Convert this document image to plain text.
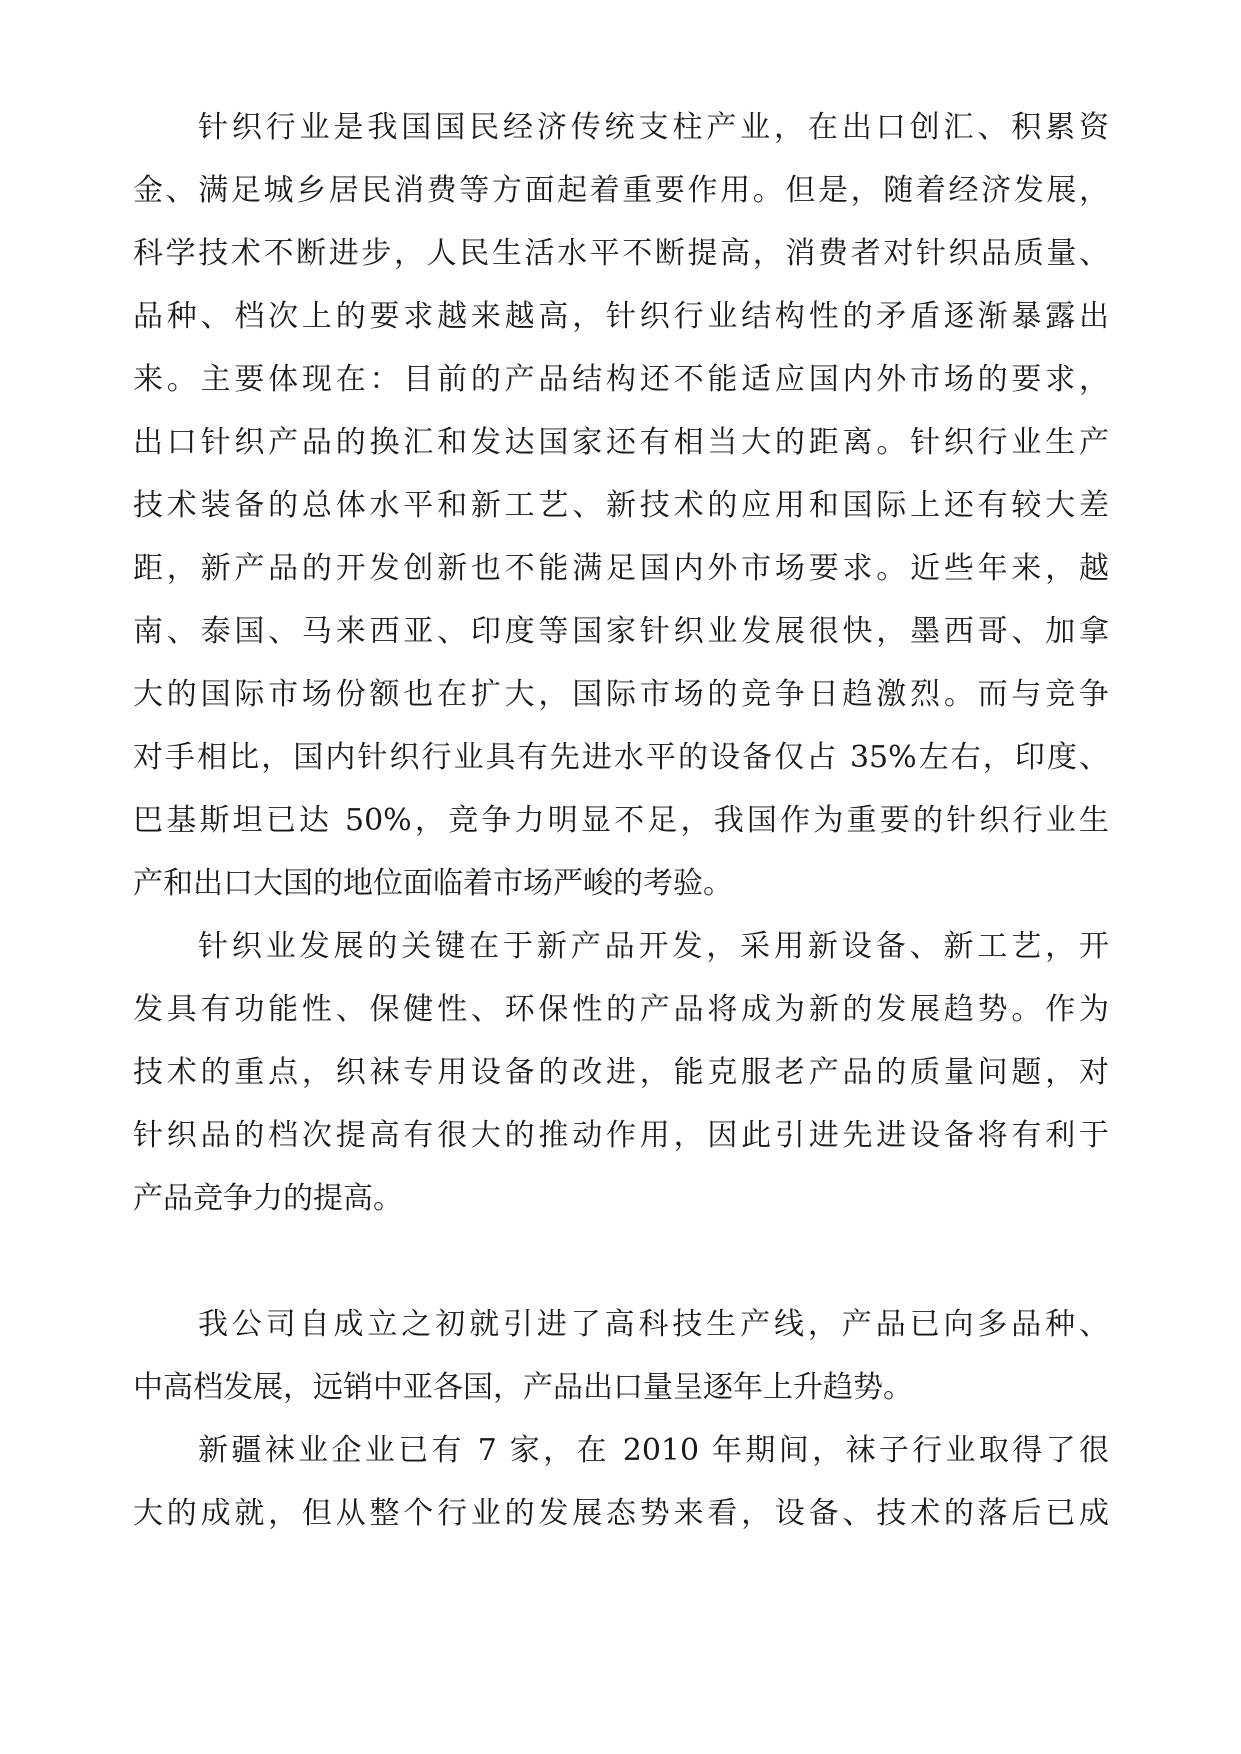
针织行业是我国国民经济传统支柱产业，在出口创汇、积累资
金、满足城乡居民消费等方面起着重要作用。但是，随着经济发展，
科学技术不断进步，人民生活水平不断提高，消费者对针织品质量、
品种、档次上的要求越来越高，针织行业结构性的矛盾逐渐暴露出
来。主要体现在：目前的产品结构还不能适应国内外市场的要求，
出口针织产品的换汇和发达国家还有相当大的距离。针织行业生产
技术装备的总体水平和新工艺、新技术的应用和国际上还有较大差
距，新产品的开发创新也不能满足国内外市场要求。近些年来，越
南、泰国、马来西亚、印度等国家针织业发展很快，墨西哥、加拿
大的国际市场份额也在扩大，国际市场的竞争日趋激烈。而与竞争
对手相比，国内针织行业具有先进水平的设备仅占 35%左右，印度、
巴基斯坦已达 50%，竞争力明显不足，我国作为重要的针织行业生
产和出口大国的地位面临着市场严峻的考验。
针织业发展的关键在于新产品开发，采用新设备、新工艺，开
发具有功能性、保健性、环保性的产品将成为新的发展趋势。作为
技术的重点，织袜专用设备的改进，能克服老产品的质量问题，对
针织品的档次提高有很大的推动作用，因此引进先进设备将有利于
产品竞争力的提高。
我公司自成立之初就引进了高科技生产线，产品已向多品种、
中高档发展，远销中亚各国，产品出口量呈逐年上升趋势。
新疆袜业企业已有 7 家，在 2010 年期间，袜子行业取得了很
大的成就，但从整个行业的发展态势来看，设备、技术的落后已成
